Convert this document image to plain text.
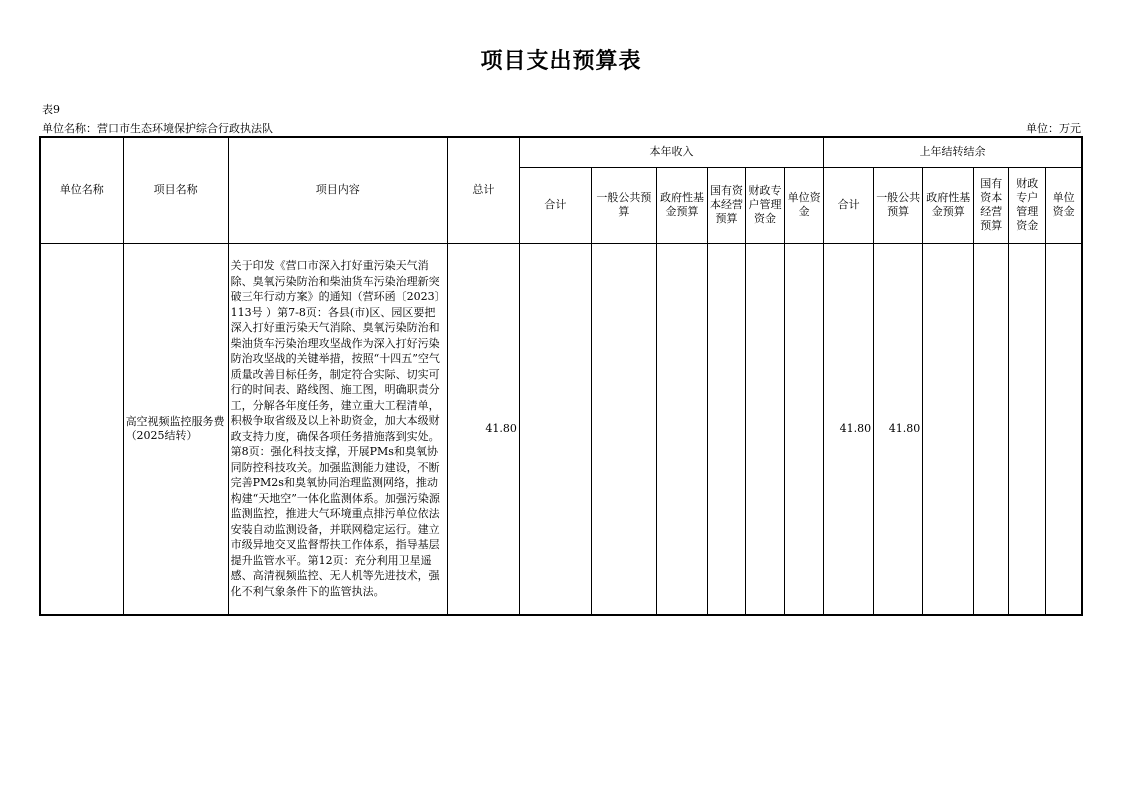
项目支出预算表
表9
单位名称：营口市生态环境保护综合行政执法队	单位：万元
单位名称	项目名称	项目内容	总计	本年收入						上年结转结余					
				合计	一般公共预算	政府性基金预算	国有资本经营预算	财政专户管理资金	单位资金	合计	一般公共预算	政府性基金预算	国有资本经营预算	财政专户管理资金	单位资金
	高空视频监控服务费（2025结转）	关于印发《营口市深入打好重污染天气消除、臭氧污染防治和柴油货车污染治理新突破三年行动方案》的通知（营环函〔2023〕113号 ）第7-8页：各县(市)区、园区要把深入打好重污染天气消除、臭氧污染防治和柴油货车污染治理攻坚战作为深入打好污染防治攻坚战的关键举措，按照“十四五”空气质量改善目标任务，制定符合实际、切实可行的时间表、路线图、施工图，明确职责分工，分解各年度任务，建立重大工程清单，积极争取省级及以上补助资金，加大本级财政支持力度，确保各项任务措施落到实处。第8页：强化科技支撑，开展PMs和臭氧协同防控科技攻关。加强监测能力建设，不断完善PM2s和臭氧协同治理监测网络，推动构建“天地空”一体化监测体系。加强污染源监测监控，推进大气环境重点排污单位依法安装自动监测设备，并联网稳定运行。建立市级异地交叉监督帮扶工作体系，指导基层提升监管水平。第12页：充分利用卫星遥感、高清视频监控、无人机等先进技术，强化不利气象条件下的监管执法。	41.80							41.80	41.80				
